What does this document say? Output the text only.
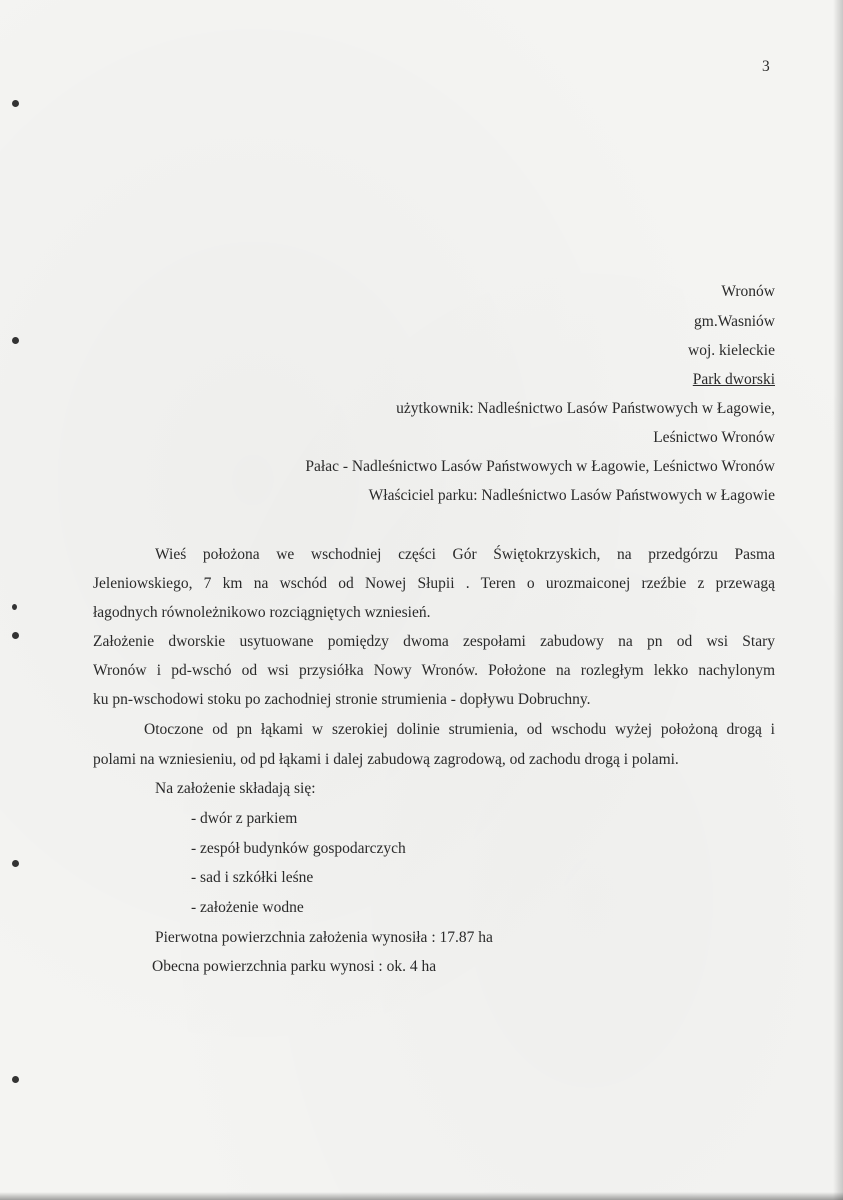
3
Wronów
gm.Wasniów
woj. kieleckie
Park dworski
użytkownik: Nadleśnictwo Lasów Państwowych w Łagowie,
Leśnictwo Wronów
Pałac - Nadleśnictwo Lasów Państwowych w Łagowie, Leśnictwo Wronów
Właściciel parku: Nadleśnictwo Lasów Państwowych w Łagowie
Wieś położona we wschodniej części Gór Świętokrzyskich, na przedgórzu Pasma
Jeleniowskiego, 7 km na wschód od Nowej Słupii . Teren o urozmaiconej rzeźbie z przewagą
łagodnych równoleżnikowo rozciągniętych wzniesień.
Założenie dworskie usytuowane pomiędzy dwoma zespołami zabudowy na pn od wsi Stary
Wronów i pd-wschó od wsi przysiółka Nowy Wronów. Położone na rozległym lekko nachylonym
ku pn-wschodowi stoku po zachodniej stronie strumienia - dopływu Dobruchny.
Otoczone od pn łąkami w szerokiej dolinie strumienia, od wschodu wyżej położoną drogą i
polami na wzniesieniu, od pd łąkami i dalej zabudową zagrodową, od zachodu drogą i polami.
Na założenie składają się:
- dwór z parkiem
- zespół budynków gospodarczych
- sad i szkółki leśne
- założenie wodne
Pierwotna powierzchnia założenia wynosiła : 17.87 ha
Obecna powierzchnia parku wynosi : ok. 4 ha
